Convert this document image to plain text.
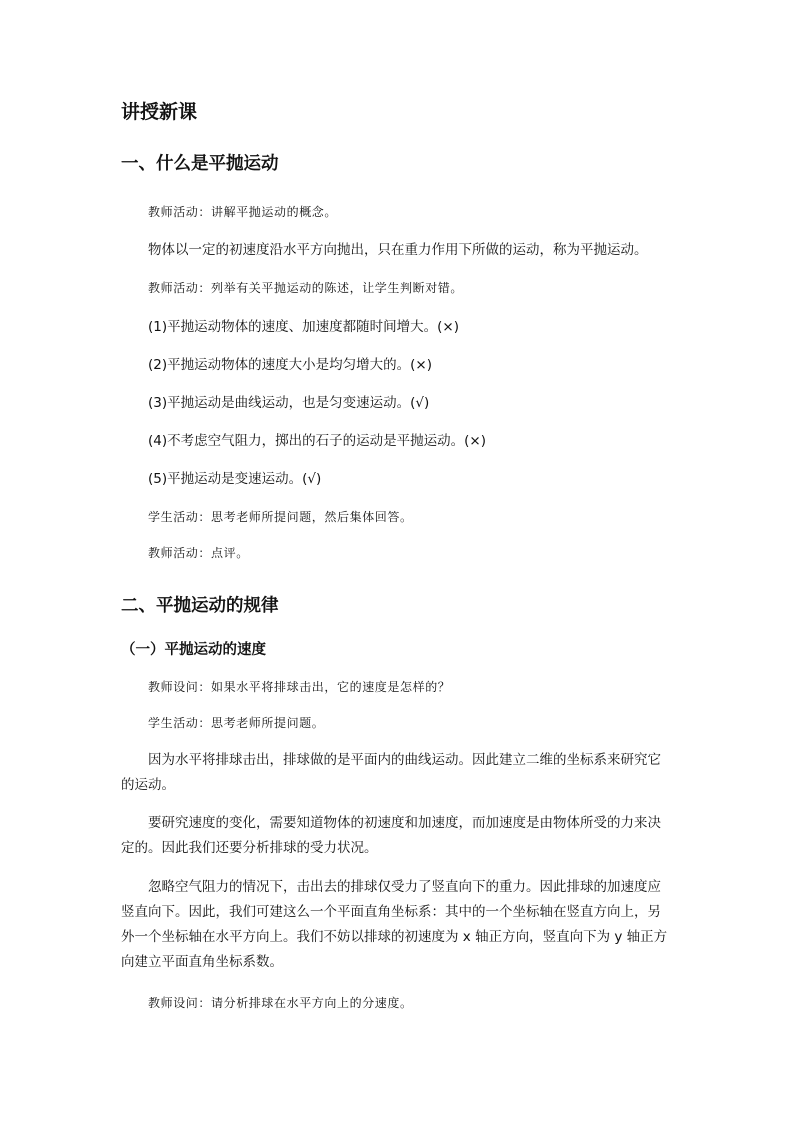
讲授新课
一、什么是平抛运动
教师活动：讲解平抛运动的概念。
物体以一定的初速度沿水平方向抛出，只在重力作用下所做的运动，称为平抛运动。
教师活动：列举有关平抛运动的陈述，让学生判断对错。
(1)平抛运动物体的速度、加速度都随时间增大。(×)
(2)平抛运动物体的速度大小是均匀增大的。(×)
(3)平抛运动是曲线运动，也是匀变速运动。(√)
(4)不考虑空气阻力，掷出的石子的运动是平抛运动。(×)
(5)平抛运动是变速运动。(√)
学生活动：思考老师所提问题，然后集体回答。
教师活动：点评。
二、平抛运动的规律
（一）平抛运动的速度
教师设问：如果水平将排球击出，它的速度是怎样的？
学生活动：思考老师所提问题。
因为水平将排球击出，排球做的是平面内的曲线运动。因此建立二维的坐标系来研究它
的运动。
要研究速度的变化，需要知道物体的初速度和加速度，而加速度是由物体所受的力来决
定的。因此我们还要分析排球的受力状况。
忽略空气阻力的情况下，击出去的排球仅受力了竖直向下的重力。因此排球的加速度应
竖直向下。因此，我们可建这么一个平面直角坐标系：其中的一个坐标轴在竖直方向上，另
外一个坐标轴在水平方向上。我们不妨以排球的初速度为 x 轴正方向，竖直向下为 y 轴正方
向建立平面直角坐标系数。
教师设问：请分析排球在水平方向上的分速度。
